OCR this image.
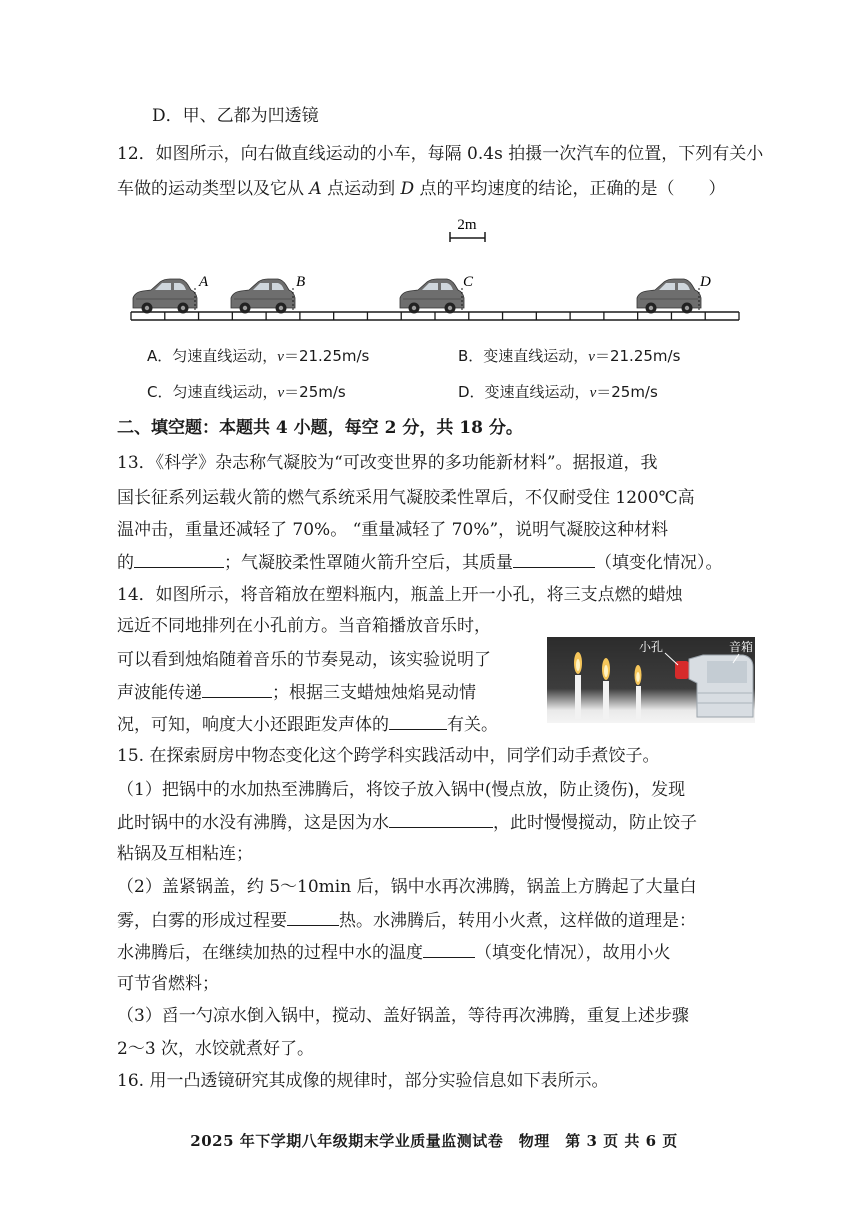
D．甲、乙都为凹透镜
12．如图所示，向右做直线运动的小车，每隔 0.4s 拍摄一次汽车的位置，下列有关小
车做的运动类型以及它从 A 点运动到 D 点的平均速度的结论，正确的是（　　）
2m
A	B	C	D
A．匀速直线运动，v＝21.25m/s	B．变速直线运动，v＝21.25m/s
C．匀速直线运动，v＝25m/s	D．变速直线运动，v＝25m/s
二、填空题：本题共 4 小题，每空 2 分，共 18 分。
13．《科学》杂志称气凝胶为“可改变世界的多功能新材料”。据报道，我
国长征系列运载火箭的燃气系统采用气凝胶柔性罩后，不仅耐受住 1200℃高
温冲击，重量还减轻了 70%。 “重量减轻了 70%”，说明气凝胶这种材料
的	；气凝胶柔性罩随火箭升空后，其质量	（填变化情况）。
14．如图所示，将音箱放在塑料瓶内，瓶盖上开一小孔，将三支点燃的蜡烛
远近不同地排列在小孔前方。当音箱播放音乐时，
可以看到烛焰随着音乐的节奏晃动，该实验说明了
声波能传递	；根据三支蜡烛烛焰晃动情
况，可知，响度大小还跟距发声体的	有关。
小孔	音箱
15. 在探索厨房中物态变化这个跨学科实践活动中，同学们动手煮饺子。
（1）把锅中的水加热至沸腾后，将饺子放入锅中(慢点放，防止烫伤)，发现
此时锅中的水没有沸腾，这是因为水	，此时慢慢搅动，防止饺子
粘锅及互相粘连；
（2）盖紧锅盖，约 5～10min 后，锅中水再次沸腾，锅盖上方腾起了大量白
雾，白雾的形成过程要	热。水沸腾后，转用小火煮，这样做的道理是：
水沸腾后，在继续加热的过程中水的温度	（填变化情况），故用小火
可节省燃料；
（3）舀一勺凉水倒入锅中，搅动、盖好锅盖，等待再次沸腾，重复上述步骤
2～3 次，水饺就煮好了。
16. 用一凸透镜研究其成像的规律时，部分实验信息如下表所示。
2025 年下学期八年级期末学业质量监测试卷　物理　第 3 页 共 6 页
